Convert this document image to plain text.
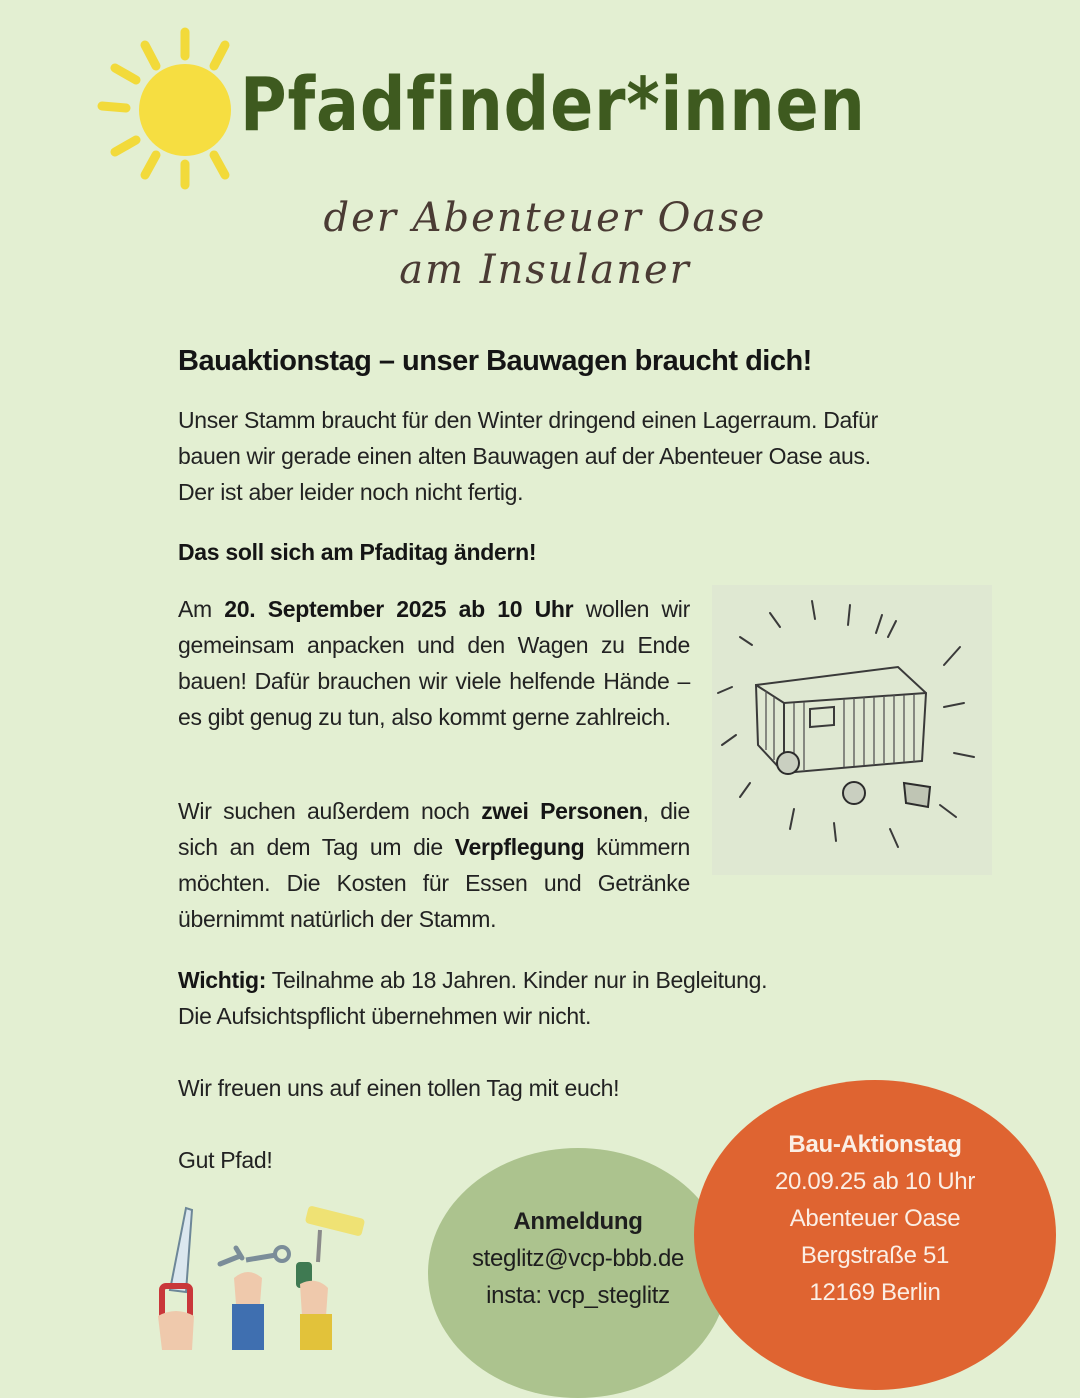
Pfadfinder*innen
der Abenteuer Oase
am Insulaner
Bauaktionstag – unser Bauwagen braucht dich!

Unser Stamm braucht für den Winter dringend einen Lagerraum. Dafür bauen wir gerade einen alten Bauwagen auf der Abenteuer Oase aus. Der ist aber leider noch nicht fertig.

Das soll sich am Pfaditag ändern!

Am 20. September 2025 ab 10 Uhr wollen wir gemeinsam anpacken und den Wagen zu Ende bauen! Dafür brauchen wir viele helfende Hände – es gibt genug zu tun, also kommt gerne zahlreich.

Wir suchen außerdem noch zwei Personen, die sich an dem Tag um die Verpflegung kümmern möchten. Die Kosten für Essen und Getränke übernimmt natürlich der Stamm.

Wichtig: Teilnahme ab 18 Jahren. Kinder nur in Begleitung.
Die Aufsichtspflicht übernehmen wir nicht.

Wir freuen uns auf einen tollen Tag mit euch!

Gut Pfad!

Anmeldung
steglitz@vcp-bbb.de
insta: vcp_steglitz
Bau-Aktionstag
20.09.25 ab 10 Uhr
Abenteuer Oase
Bergstraße 51
12169 Berlin
